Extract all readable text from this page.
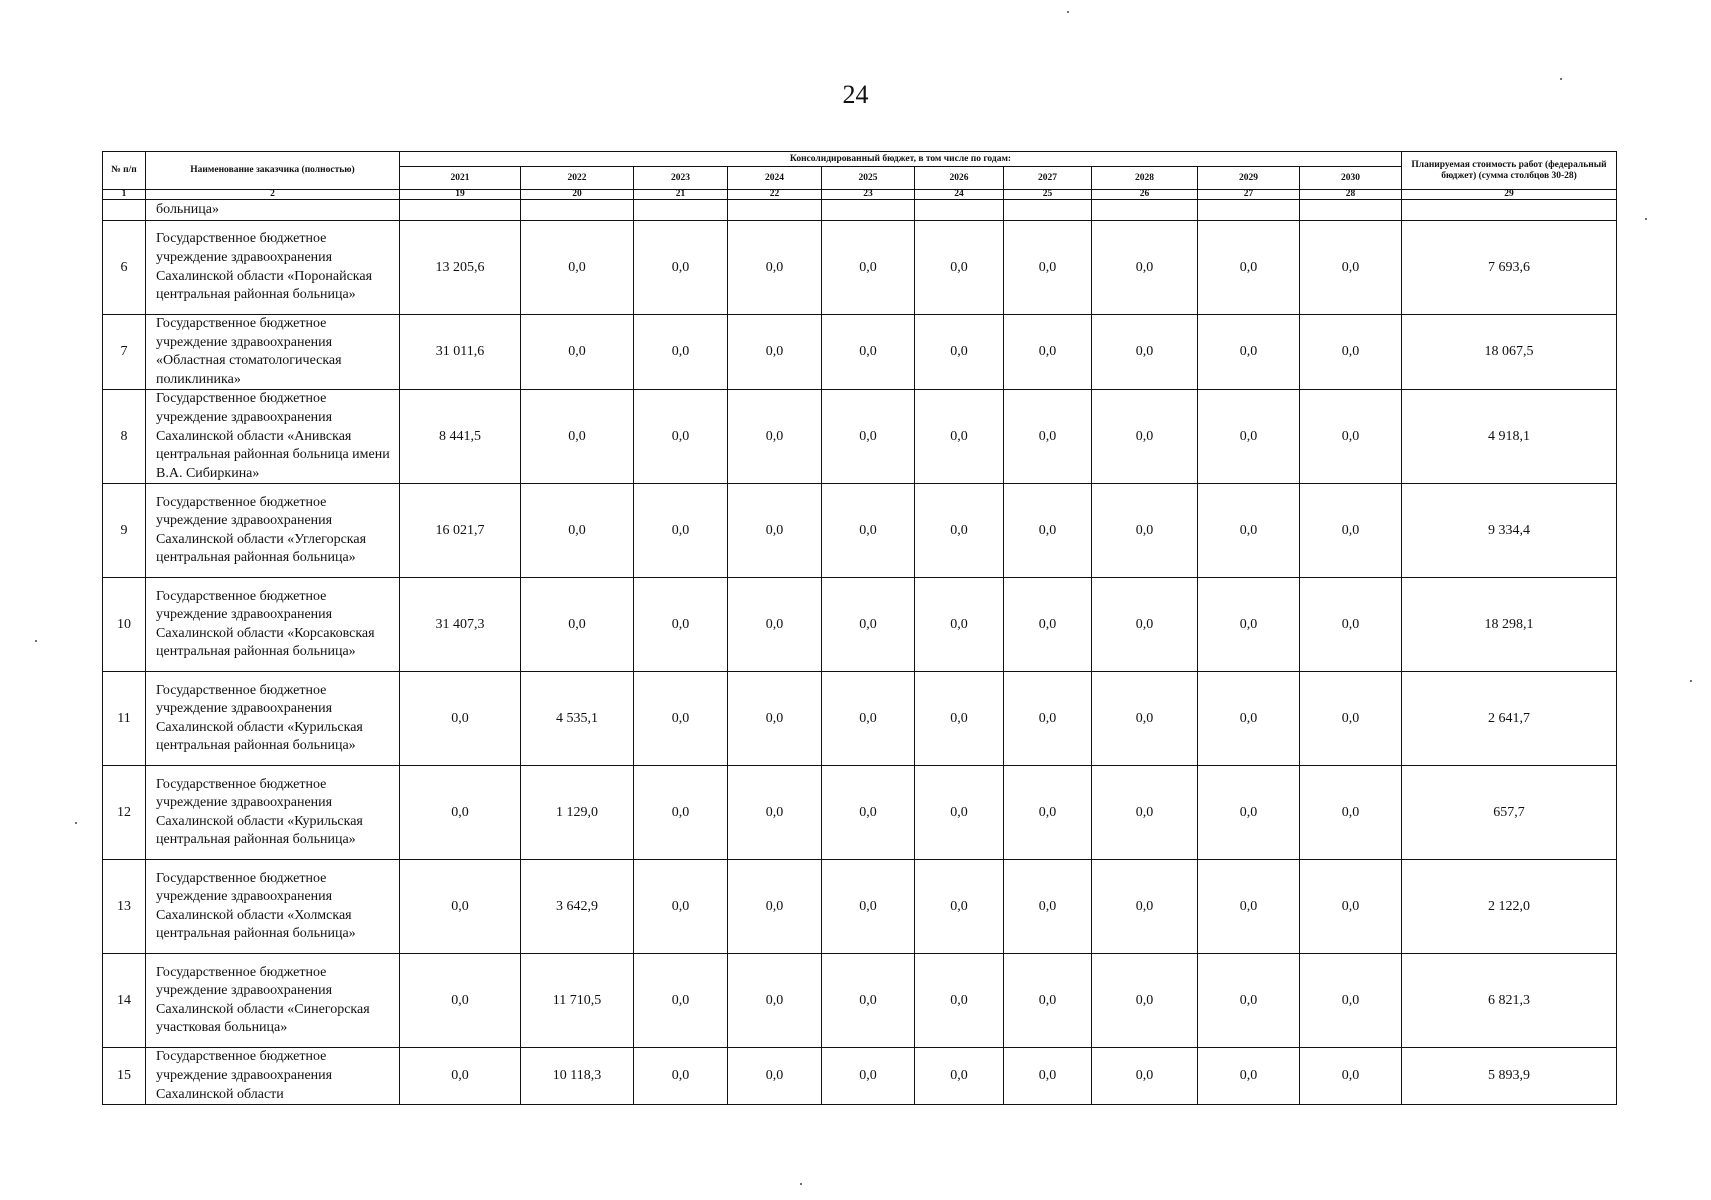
24
№ п/п	Наименование заказчика (полностью)	Консолидированный бюджет, в том числе по годам:										Планируемая стоимость работ (федеральный бюджет) (сумма столбцов 30-28)
		2021	2022	2023	2024	2025	2026	2027	2028	2029	2030	
1	2	19	20	21	22	23	24	25	26	27	28	29
	больница»											
6	Государственное бюджетное учреждение здравоохранения Сахалинской области «Поронайская центральная районная больница»	13 205,6	0,0	0,0	0,0	0,0	0,0	0,0	0,0	0,0	0,0	7 693,6
7	Государственное бюджетное учреждение здравоохранения «Областная стоматологическая поликлиника»	31 011,6	0,0	0,0	0,0	0,0	0,0	0,0	0,0	0,0	0,0	18 067,5
8	Государственное бюджетное учреждение здравоохранения Сахалинской области «Анивская центральная районная больница имени В.А. Сибиркина»	8 441,5	0,0	0,0	0,0	0,0	0,0	0,0	0,0	0,0	0,0	4 918,1
9	Государственное бюджетное учреждение здравоохранения Сахалинской области «Углегорская центральная районная больница»	16 021,7	0,0	0,0	0,0	0,0	0,0	0,0	0,0	0,0	0,0	9 334,4
10	Государственное бюджетное учреждение здравоохранения Сахалинской области «Корсаковская центральная районная больница»	31 407,3	0,0	0,0	0,0	0,0	0,0	0,0	0,0	0,0	0,0	18 298,1
11	Государственное бюджетное учреждение здравоохранения Сахалинской области «Курильская центральная районная больница»	0,0	4 535,1	0,0	0,0	0,0	0,0	0,0	0,0	0,0	0,0	2 641,7
12	Государственное бюджетное учреждение здравоохранения Сахалинской области «Курильская центральная районная больница»	0,0	1 129,0	0,0	0,0	0,0	0,0	0,0	0,0	0,0	0,0	657,7
13	Государственное бюджетное учреждение здравоохранения Сахалинской области «Холмская центральная районная больница»	0,0	3 642,9	0,0	0,0	0,0	0,0	0,0	0,0	0,0	0,0	2 122,0
14	Государственное бюджетное учреждение здравоохранения Сахалинской области «Синегорская участковая больница»	0,0	11 710,5	0,0	0,0	0,0	0,0	0,0	0,0	0,0	0,0	6 821,3
15	Государственное бюджетное учреждение здравоохранения Сахалинской области	0,0	10 118,3	0,0	0,0	0,0	0,0	0,0	0,0	0,0	0,0	5 893,9
